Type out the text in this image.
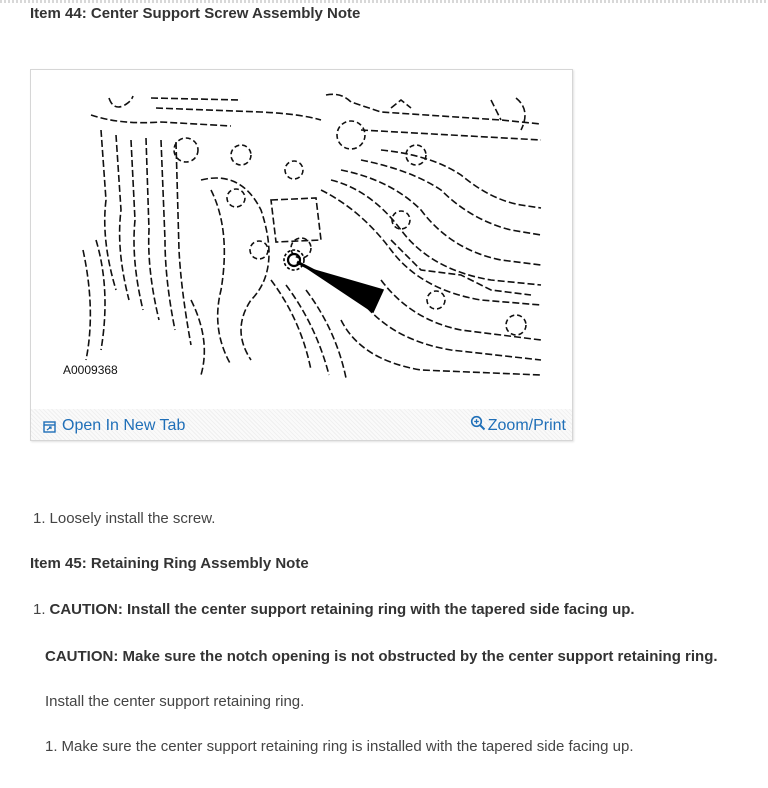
Item 44: Center Support Screw Assembly Note
A0009368
Open In New Tab	Zoom/Print
1. Loosely install the screw.
Item 45: Retaining Ring Assembly Note
1. CAUTION: Install the center support retaining ring with the tapered side facing up.
CAUTION: Make sure the notch opening is not obstructed by the center support retaining ring.
Install the center support retaining ring.
1. Make sure the center support retaining ring is installed with the tapered side facing up.
